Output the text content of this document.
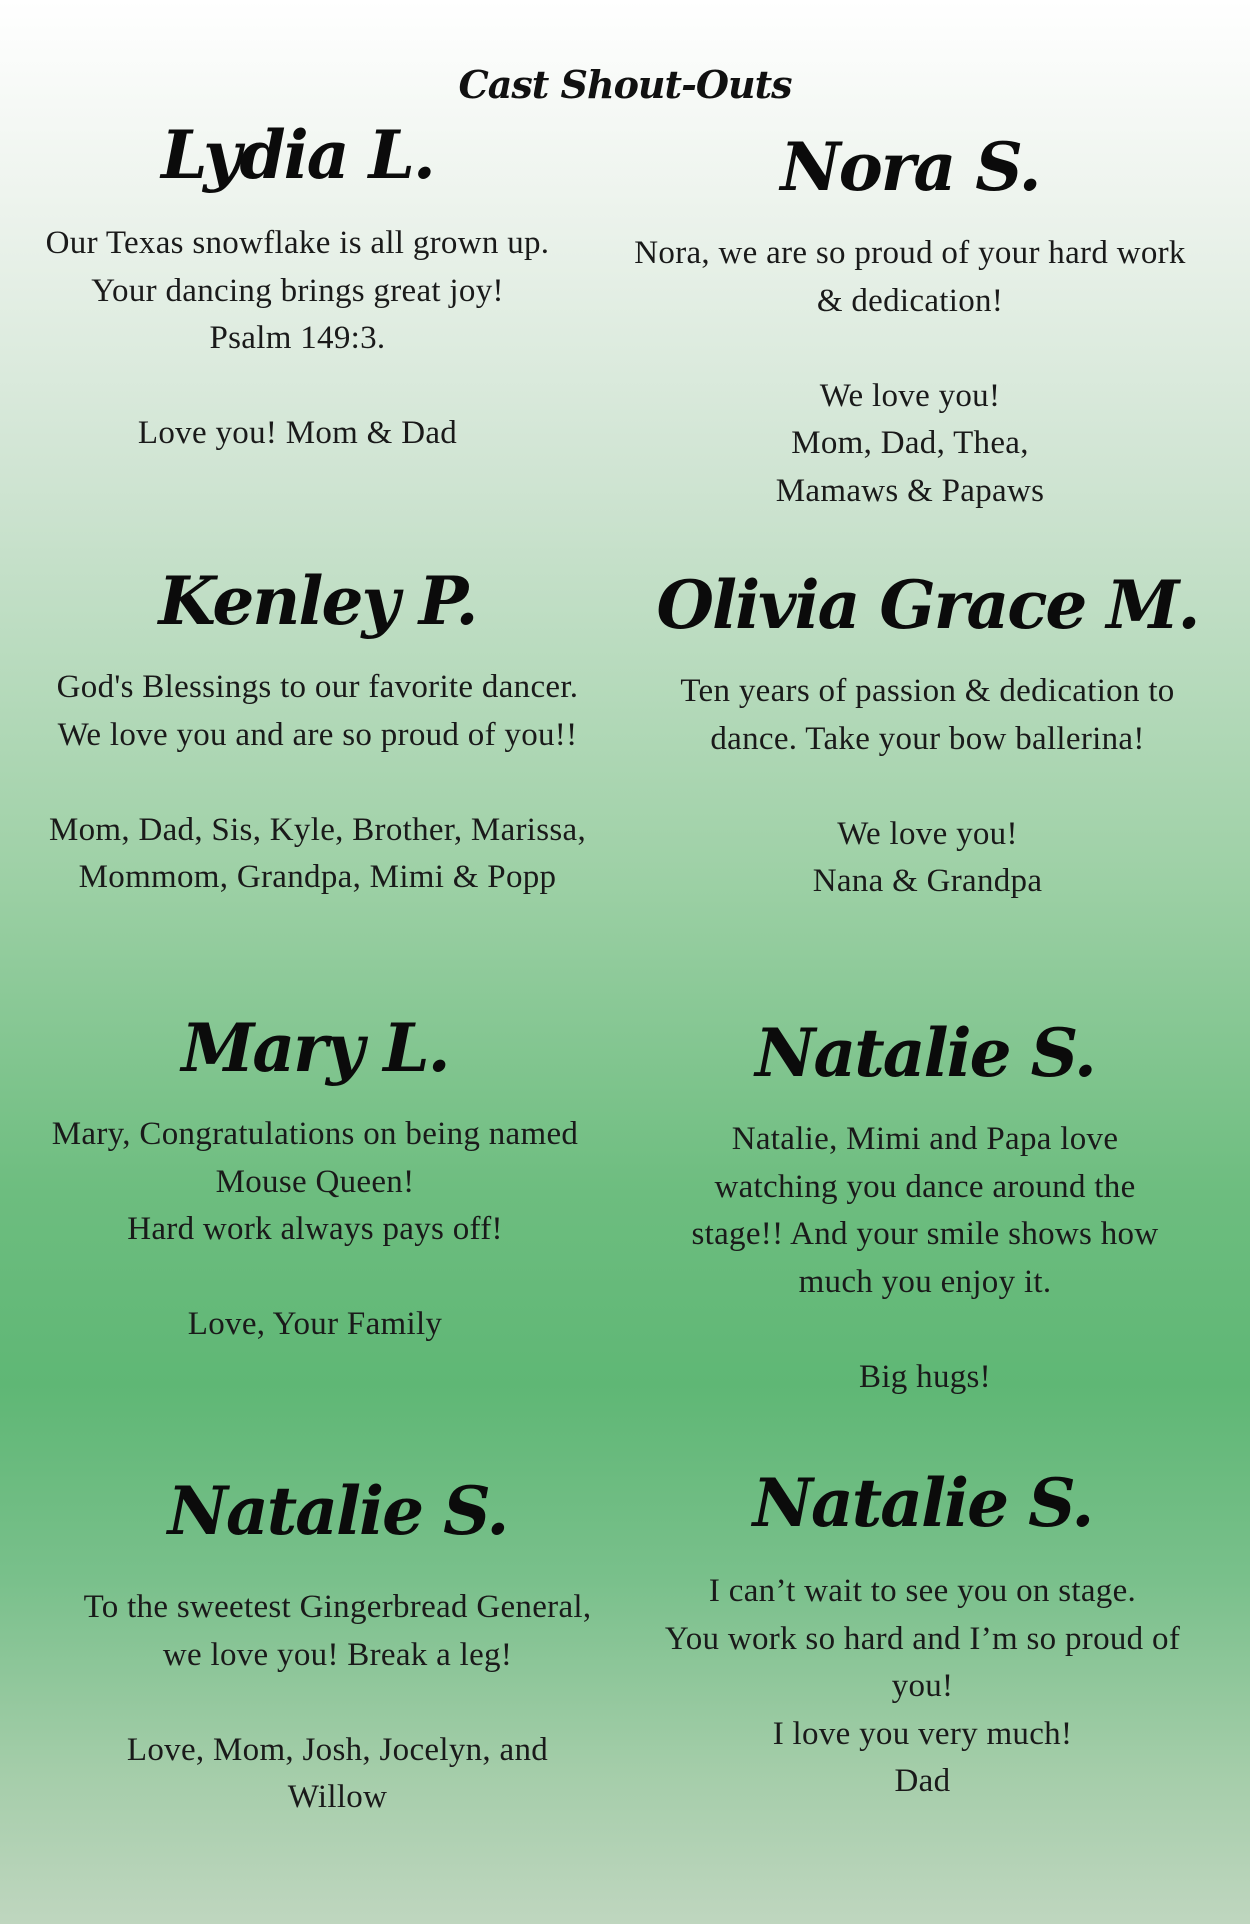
Cast Shout-Outs
Lydia L.
Our Texas snowflake is all grown up.
Your dancing brings great joy!
Psalm 149:3.
Love you! Mom & Dad
Nora S.
Nora, we are so proud of your hard work
& dedication!
We love you!
Mom, Dad, Thea,
Mamaws & Papaws
Kenley P.
God's Blessings to our favorite dancer.
We love you and are so proud of you!!
Mom, Dad, Sis, Kyle, Brother, Marissa,
Mommom, Grandpa, Mimi & Popp
Olivia Grace M.
Ten years of passion & dedication to
dance. Take your bow ballerina!
We love you!
Nana & Grandpa
Mary L.
Mary, Congratulations on being named
Mouse Queen!
Hard work always pays off!
Love, Your Family
Natalie S.
Natalie, Mimi and Papa love
watching you dance around the
stage!! And your smile shows how
much you enjoy it.
Big hugs!
Natalie S.
To the sweetest Gingerbread General,
we love you! Break a leg!
Love, Mom, Josh, Jocelyn, and
Willow
Natalie S.
I can’t wait to see you on stage.
You work so hard and I’m so proud of
you!
I love you very much!
Dad
